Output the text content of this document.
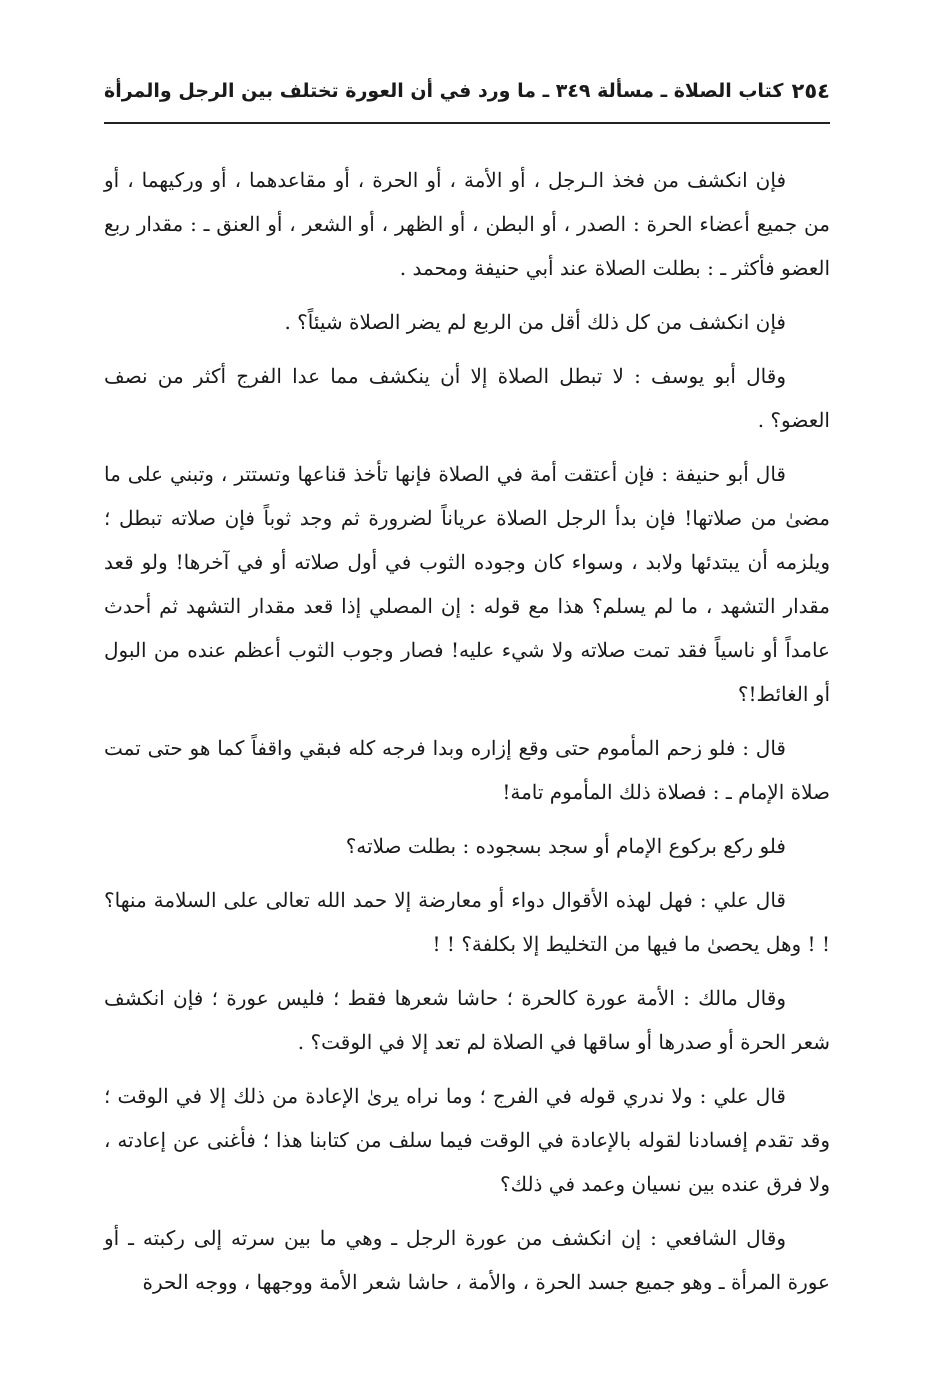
٢٥٤
كتاب الصلاة ـ مسألة ٣٤٩ ـ ما ورد في أن العورة تختلف بين الرجل والمرأة

فإن انكشف من فخذ الـرجل ، أو الأمة ، أو الحرة ، أو مقاعدهما ، أو وركيهما ، أو من جميع أعضاء الحرة : الصدر ، أو البطن ، أو الظهر ، أو الشعر ، أو العنق ـ : مقدار ربع العضو فأكثر ـ : بطلت الصلاة عند أبي حنيفة ومحمد .

فإن انكشف من كل ذلك أقل من الربع لم يضر الصلاة شيئاً؟ .

وقال أبو يوسف : لا تبطل الصلاة إلا أن ينكشف مما عدا الفرج أكثر من نصف العضو؟ .

قال أبو حنيفة : فإن أعتقت أمة في الصلاة فإنها تأخذ قناعها وتستتر ، وتبني على ما مضىٰ من صلاتها! فإن بدأ الرجل الصلاة عرياناً لضرورة ثم وجد ثوباً فإن صلاته تبطل ؛ ويلزمه أن يبتدئها ولابد ، وسواء كان وجوده الثوب في أول صلاته أو في آخرها! ولو قعد مقدار التشهد ، ما لم يسلم؟ هذا مع قوله : إن المصلي إذا قعد مقدار التشهد ثم أحدث عامداً أو ناسياً فقد تمت صلاته ولا شيء عليه! فصار وجوب الثوب أعظم عنده من البول أو الغائط!؟

قال : فلو زحم المأموم حتى وقع إزاره وبدا فرجه كله فبقي واقفاً كما هو حتى تمت صلاة الإمام ـ : فصلاة ذلك المأموم تامة!

فلو ركع بركوع الإمام أو سجد بسجوده : بطلت صلاته؟

قال علي : فهل لهذه الأقوال دواء أو معارضة إلا حمد الله تعالى على السلامة منها؟ ! ! وهل يحصىٰ ما فيها من التخليط إلا بكلفة؟ ! !

وقال مالك : الأمة عورة كالحرة ؛ حاشا شعرها فقط ؛ فليس عورة ؛ فإن انكشف شعر الحرة أو صدرها أو ساقها في الصلاة لم تعد إلا في الوقت؟ .

قال علي : ولا ندري قوله في الفرج ؛ وما نراه يرىٰ الإعادة من ذلك إلا في الوقت ؛ وقد تقدم إفسادنا لقوله بالإعادة في الوقت فيما سلف من كتابنا هذا ؛ فأغنى عن إعادته ، ولا فرق عنده بين نسيان وعمد في ذلك؟

وقال الشافعي : إن انكشف من عورة الرجل ـ وهي ما بين سرته إلى ركبته ـ أو عورة المرأة ـ وهو جميع جسد الحرة ، والأمة ، حاشا شعر الأمة ووجهها ، ووجه الحرة
